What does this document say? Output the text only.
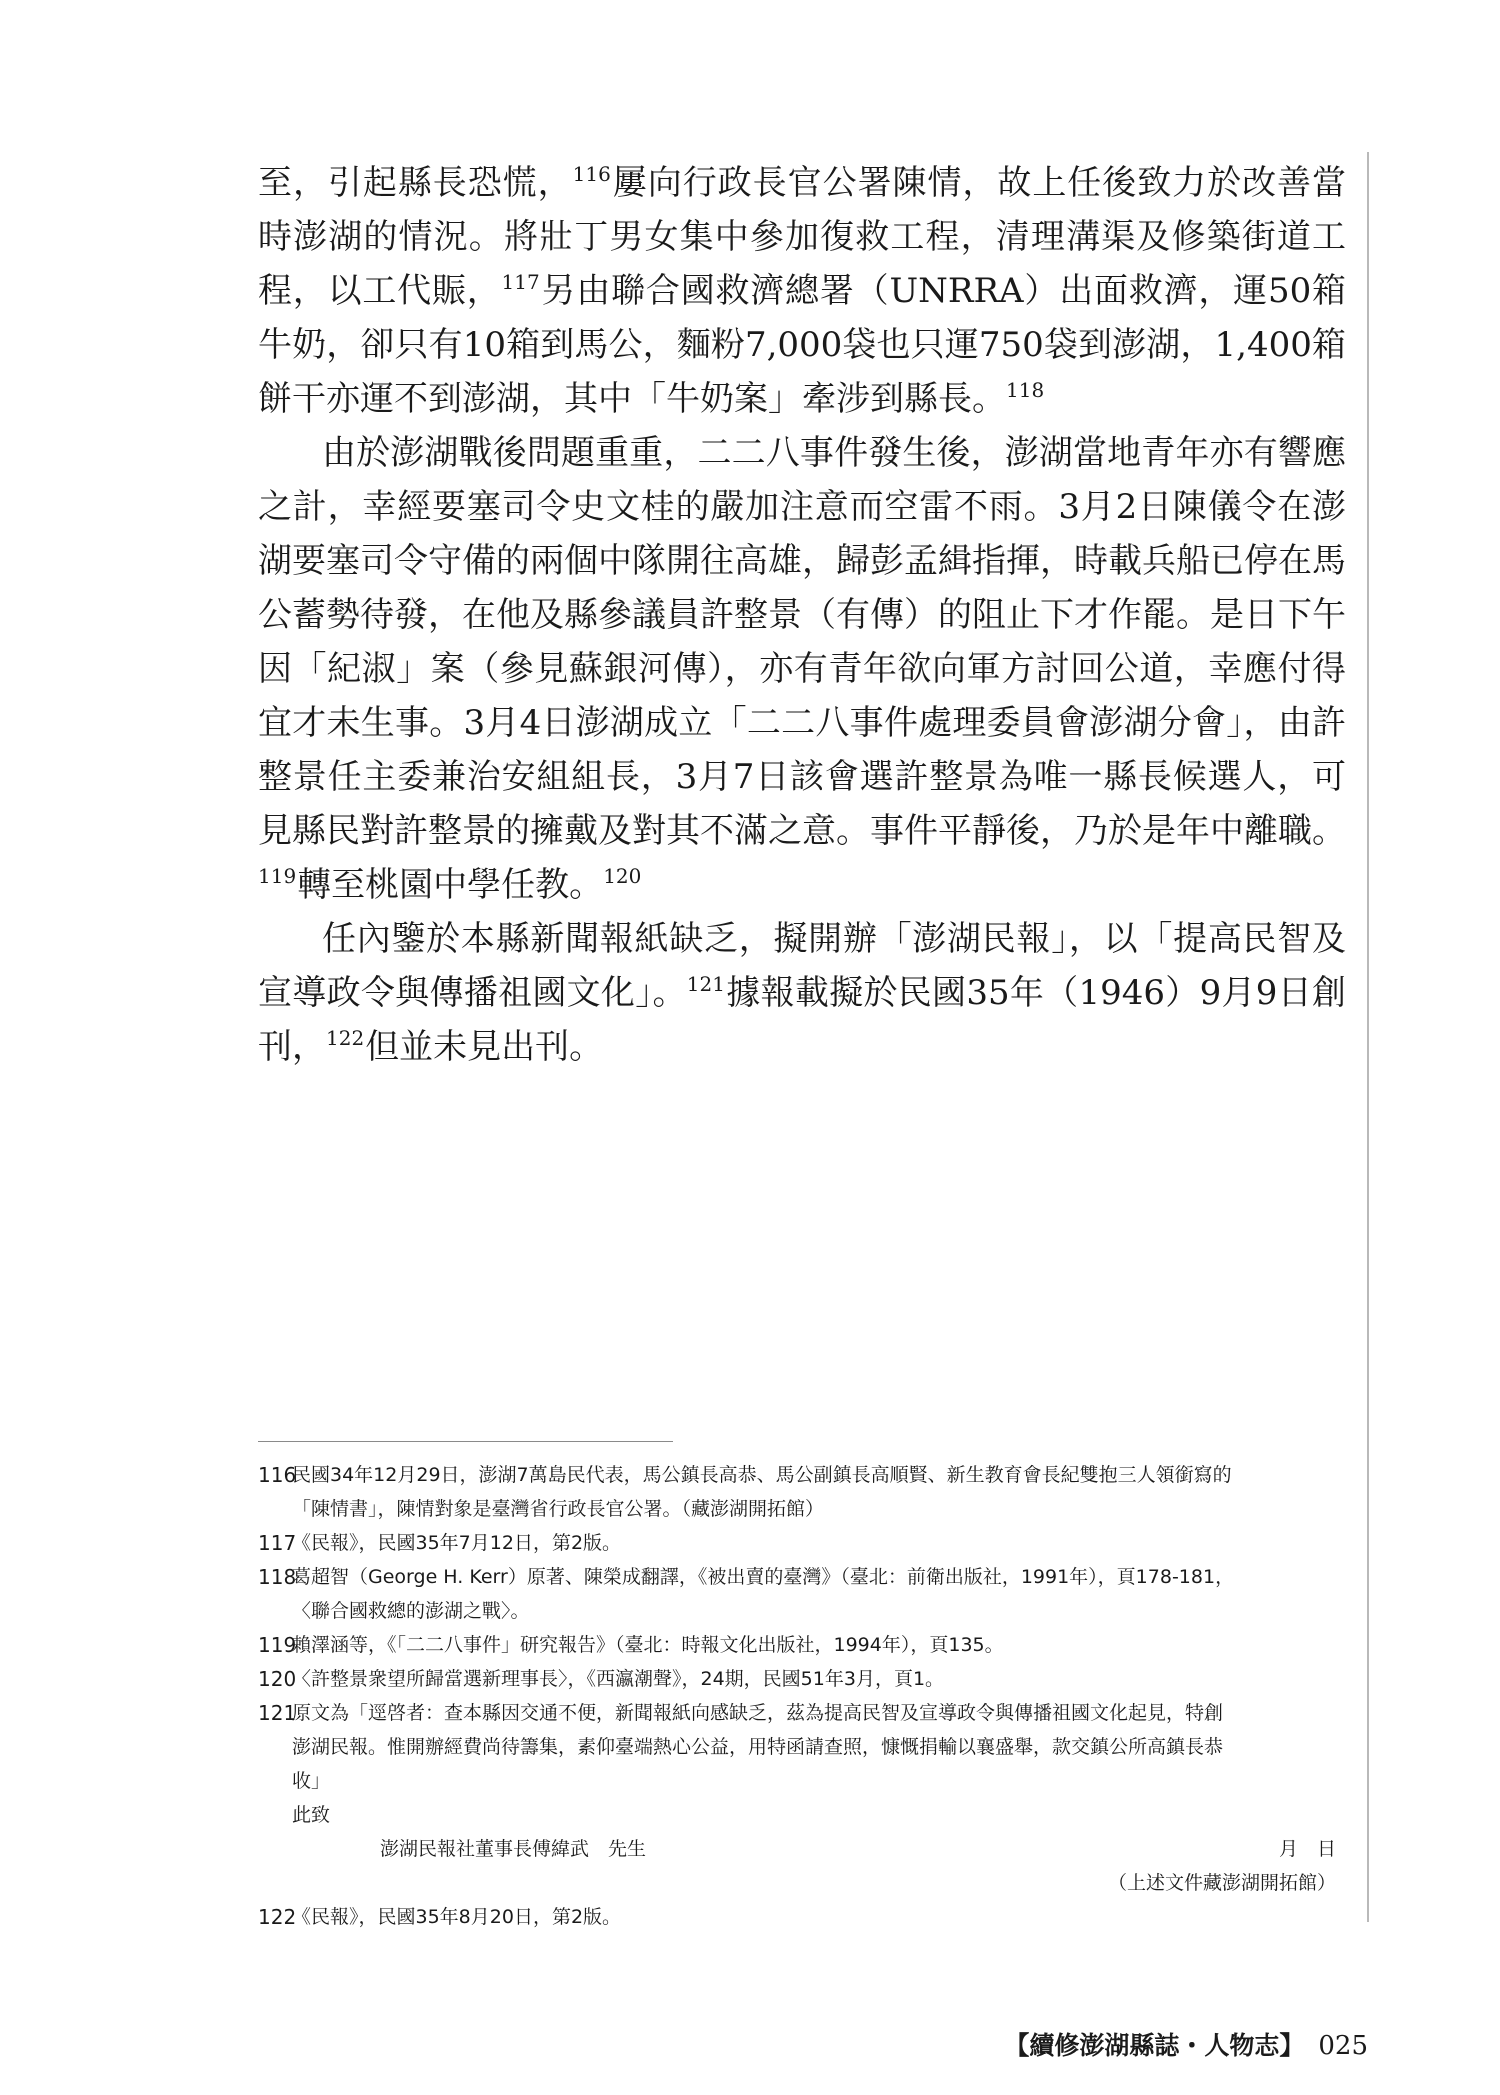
至，引起縣長恐慌，$^{116}$屢向行政長官公署陳情，故上任後致力於改善當時澎湖的情況。將壯丁男女集中參加復救工程，清理溝渠及修築街道工程，以工代賑，$^{117}$另由聯合國救濟總署（UNRRA）出面救濟，運50箱牛奶，卻只有10箱到馬公，麵粉7,000袋也只運750袋到澎湖，1,400箱餅干亦運不到澎湖，其中「牛奶案」牽涉到縣長。$^{118}$

由於澎湖戰後問題重重，二二八事件發生後，澎湖當地青年亦有響應之計，幸經要塞司令史文桂的嚴加注意而空雷不雨。3月2日陳儀令在澎湖要塞司令守備的兩個中隊開往高雄，歸彭孟緝指揮，時載兵船已停在馬公蓄勢待發，在他及縣參議員許整景（有傳）的阻止下才作罷。是日下午因「紀淑」案（參見蘇銀河傳），亦有青年欲向軍方討回公道，幸應付得宜才未生事。3月4日澎湖成立「二二八事件處理委員會澎湖分會」，由許整景任主委兼治安組組長，3月7日該會選許整景為唯一縣長候選人，可見縣民對許整景的擁戴及對其不滿之意。事件平靜後，乃於是年中離職。$^{119}$轉至桃園中學任教。$^{120}$

任內鑒於本縣新聞報紙缺乏，擬開辦「澎湖民報」，以「提高民智及宣導政令與傳播祖國文化」。$^{121}$據報載擬於民國35年（1946）9月9日創刊，$^{122}$但並未見出刊。

116
民國34年12月29日，澎湖7萬島民代表，馬公鎮長高恭、馬公副鎮長高順賢、新生教育會長紀雙抱三人領銜寫的
「陳情書」，陳情對象是臺灣省行政長官公署。（藏澎湖開拓館）
117
《民報》，民國35年7月12日，第2版。
118
葛超智（George H. Kerr）原著、陳榮成翻譯，《被出賣的臺灣》（臺北：前衛出版社，1991年），頁178-181，
〈聯合國救總的澎湖之戰〉。
119
賴澤涵等，《「二二八事件」研究報告》（臺北：時報文化出版社，1994年），頁135。
120
〈許整景衆望所歸當選新理事長〉，《西瀛潮聲》，24期，民國51年3月，頁1。
121
原文為「逕啓者：查本縣因交通不便，新聞報紙向感缺乏，茲為提高民智及宣導政令與傳播祖國文化起見，特創
澎湖民報。惟開辦經費尚待籌集，素仰臺端熱心公益，用特函請查照，慷慨捐輸以襄盛舉，款交鎮公所高鎮長恭
收」
此致
澎湖民報社董事長傅緯武　先生	月　日
（上述文件藏澎湖開拓館）
122
《民報》，民國35年8月20日，第2版。
【續修澎湖縣誌・人物志】 025
